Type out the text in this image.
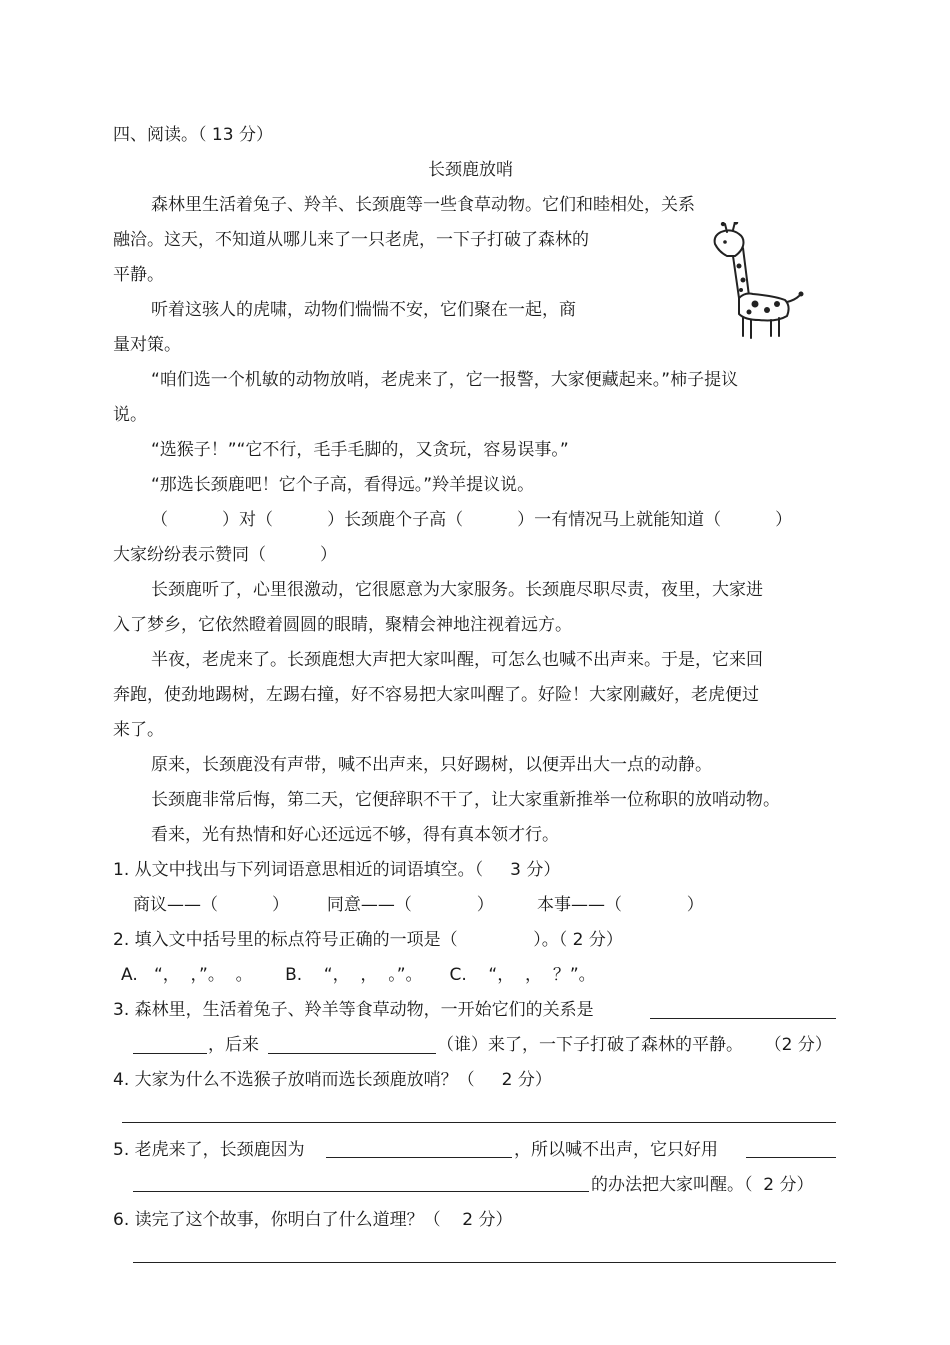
四、阅读。（ 13 分）
长颈鹿放哨
森林里生活着兔子、羚羊、长颈鹿等一些食草动物。它们和睦相处，关系
融洽。这天，不知道从哪儿来了一只老虎，一下子打破了森林的
平静。
听着这骇人的虎啸，动物们惴惴不安，它们聚在一起，商
量对策。
“咱们选一个机敏的动物放哨，老虎来了，它一报警，大家便藏起来。”柿子提议
说。
“选猴子！”“它不行，毛手毛脚的，又贪玩，容易误事。”
“那选长颈鹿吧！它个子高，看得远。”羚羊提议说。
（          ）对（          ）长颈鹿个子高（          ）一有情况马上就能知道（          ）
大家纷纷表示赞同（          ）
长颈鹿听了，心里很激动，它很愿意为大家服务。长颈鹿尽职尽责，夜里，大家进
入了梦乡，它依然瞪着圆圆的眼睛，聚精会神地注视着远方。
半夜，老虎来了。长颈鹿想大声把大家叫醒，可怎么也喊不出声来。于是，它来回
奔跑，使劲地踢树，左踢右撞，好不容易把大家叫醒了。好险！大家刚藏好，老虎便过
来了。
原来，长颈鹿没有声带，喊不出声来，只好踢树，以便弄出大一点的动静。
长颈鹿非常后悔，第二天，它便辞职不干了，让大家重新推举一位称职的放哨动物。
看来，光有热情和好心还远远不够，得有真本领才行。
1. 从文中找出与下列词语意思相近的词语填空。（     3 分）
商议——（          ）       同意——（            ）        本事——（            ）
2. 填入文中括号里的标点符号正确的一项是（              ）。（ 2 分）
A.   “，  ，”。  。      B.    “，  ，  。”。     C.    “，  ，  ？”。
3. 森林里，生活着兔子、羚羊等食草动物，一开始它们的关系是
，后来	（谁）来了，一下子打破了森林的平静。    （2 分）
4. 大家为什么不选猴子放哨而选长颈鹿放哨？（     2 分）
5. 老虎来了，长颈鹿因为	，所以喊不出声，它只好用
的办法把大家叫醒。（  2 分）
6. 读完了这个故事，你明白了什么道理？（    2 分）
